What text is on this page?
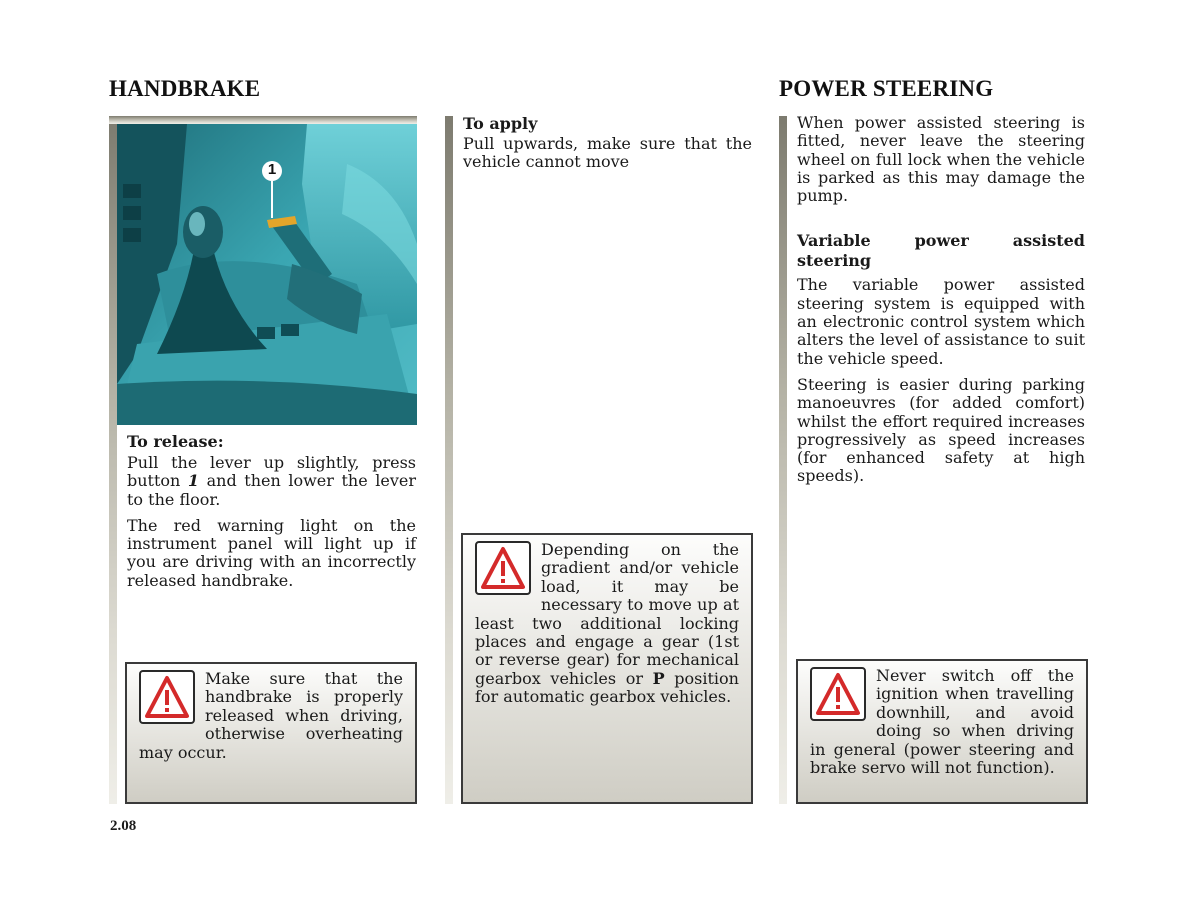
HANDBRAKE	POWER STEERING
1

To release:

Pull the lever up slightly, press button 1 and then lower the lever to the floor.

The red warning light on the instrument panel will light up if you are driving with an incorrectly released handbrake.

Make sure that the handbrake is properly released when driving, otherwise overheating may occur.

To apply

Pull upwards, make sure that the vehicle cannot move

Depending on the gradient and/or vehicle load, it may be necessary to move up at least two additional locking places and engage a gear (1st or reverse gear) for mechanical gearbox vehicles or P position for automatic gearbox vehicles.

When power assisted steering is fitted, never leave the steering wheel on full lock when the vehicle is parked as this may damage the pump.

Variable power assisted steering

The variable power assisted steering system is equipped with an electronic control system which alters the level of assistance to suit the vehicle speed.

Steering is easier during parking manoeuvres (for added comfort) whilst the effort required increases progressively as speed increases (for enhanced safety at high speeds).

Never switch off the ignition when travelling downhill, and avoid doing so when driving in general (power steering and brake servo will not function).

2.08
